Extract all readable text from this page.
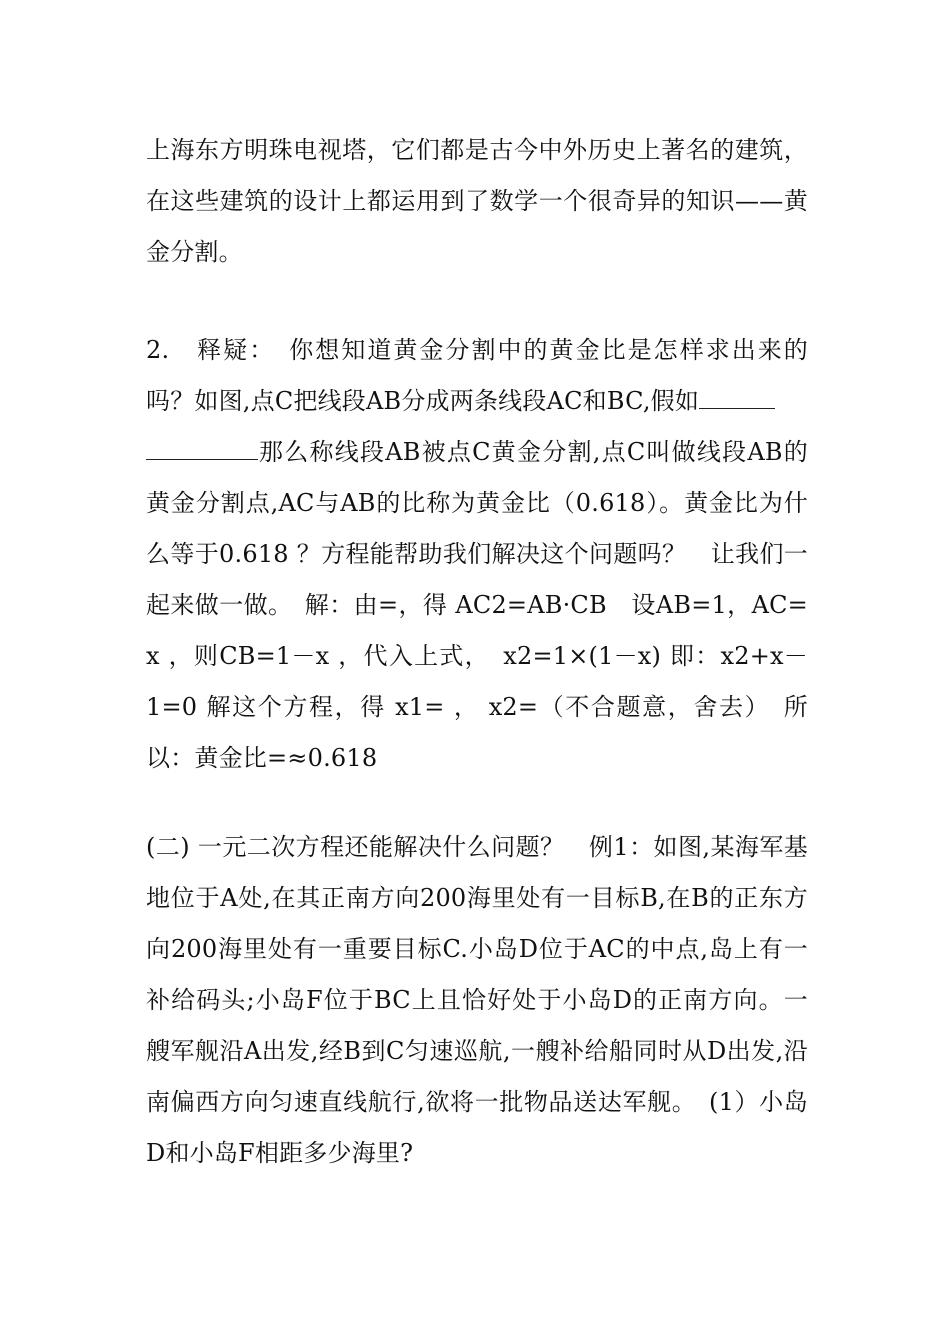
上海东方明珠电视塔，它们都是古今中外历史上著名的建筑，在这些建筑的设计上都运用到了数学一个很奇异的知识——黄金分割。

2.　释疑：　你想知道黄金分割中的黄金比是怎样求出来的吗？如图,点C把线段AB分成两条线段AC和BC,假如
那么称线段AB被点C黄金分割,点C叫做线段AB的黄金分割点,AC与AB的比称为黄金比（0.618）。黄金比为什么等于0.618 ？方程能帮助我们解决这个问题吗？　让我们一起来做一做。　解：由=，得 AC2=AB·CB　设AB=1，AC=x ，则CB=1－x ，代入上式，　x2=1×(1－x) 即：x2+x－1=0 解这个方程，得 x1= ， x2=（不合题意，舍去）　所以：黄金比=≈0.618

(二) 一元二次方程还能解决什么问题？　例1：如图,某海军基地位于A处,在其正南方向200海里处有一目标B,在B的正东方向200海里处有一重要目标C.小岛D位于AC的中点,岛上有一补给码头;小岛F位于BC上且恰好处于小岛D的正南方向。一艘军舰沿A出发,经B到C匀速巡航,一艘补给船同时从D出发,沿南偏西方向匀速直线航行,欲将一批物品送达军舰。　(1）小岛D和小岛F相距多少海里?
